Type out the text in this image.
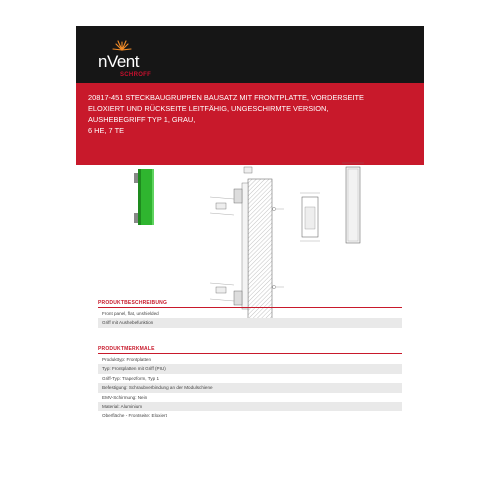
nVent
SCHROFF
20817-451 STECKBAUGRUPPEN BAUSATZ MIT FRONTPLATTE, VORDERSEITE
ELOXIERT UND RÜCKSEITE LEITFÄHIG, UNGESCHIRMTE VERSION,
AUSHEBEGRIFF TYP 1, GRAU,
6 HE, 7 TE
PRODUKTBESCHREIBUNG
Front panel, flat, unshielded
Griff mit Aushebefunktion
PRODUKTMERKMALE
Produkttyp: Frontplatten
Typ: Frontplatten mit Griff (PIU)
Griff-Typ: Trapezform, Typ 1
Befestigung: Schraubverbindung an der Modulschiene
EMV-Schirmung: Nein
Material: Aluminium
Oberfläche - Frontseite: Eloxiert
